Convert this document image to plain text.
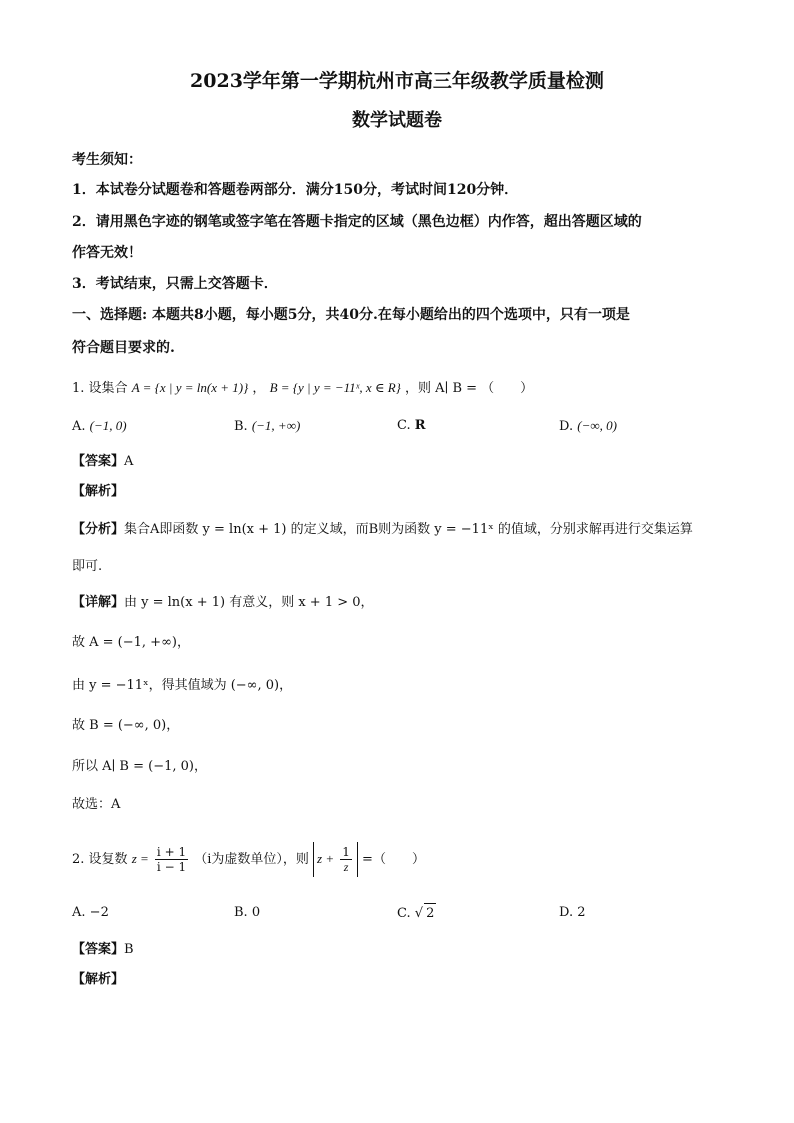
2023学年第一学期杭州市高三年级教学质量检测
数学试题卷
考生须知：
1．本试卷分试题卷和答题卷两部分．满分150分，考试时间120分钟．
2．请用黑色字迹的钢笔或签字笔在答题卡指定的区域（黑色边框）内作答，超出答题区域的
作答无效！
3．考试结束，只需上交答题卡．
一、选择题: 本题共8小题，每小题5分，共40分.在每小题给出的四个选项中，只有一项是
符合题目要求的.
1. 设集合 A = {x | y = ln(x + 1)} ， B = {y | y = −11ˣ, x ∈ R} ，则 A∣ B = （　　）
A. (−1, 0)	B. (−1, +∞)	C. R	D. (−∞, 0)
【答案】A
【解析】
【分析】集合A即函数 y = ln(x + 1) 的定义域，而B则为函数 y = −11ˣ 的值域，分别求解再进行交集运算
即可.
【详解】由 y = ln(x + 1) 有意义，则 x + 1 > 0，
故 A = (−1, +∞)，
由 y = −11ˣ，得其值域为 (−∞, 0)，
故 B = (−∞, 0)，
所以 A∣ B = (−1, 0)，
故选：A
2. 设复数 $z = \frac{i + 1}{i - 1} (i$为虚数单位），则 $z + \frac{1}{z}$ =（　　）
A. −2	B. 0	C. √ 2	D. 2
【答案】B
【解析】
